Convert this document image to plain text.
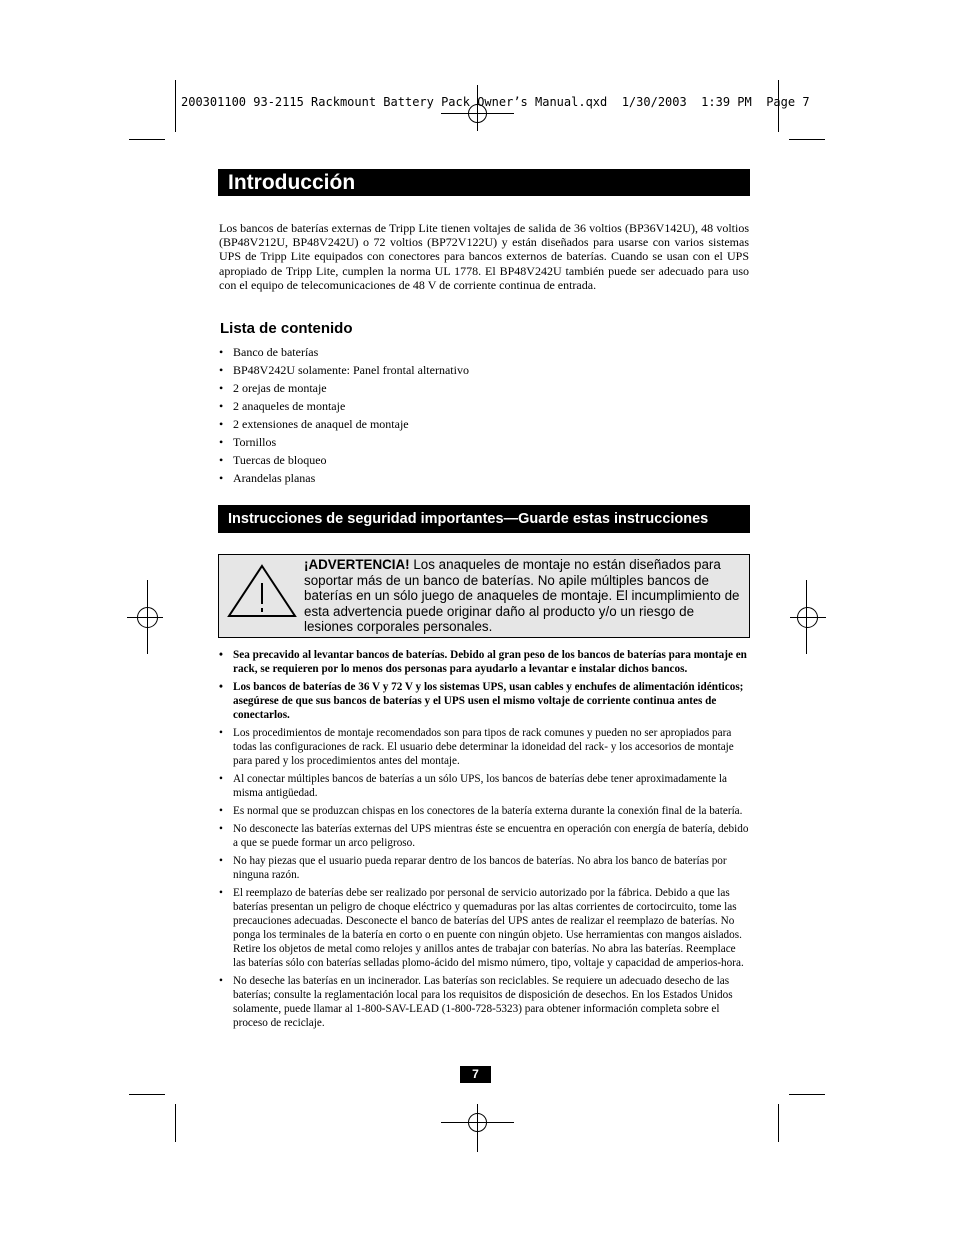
200301100 93-2115 Rackmount Battery Pack Owner’s Manual.qxd  1/30/2003  1:39 PM  Page 7
Introducción
Los bancos de baterías externas de Tripp Lite tienen voltajes de salida de 36 voltios (BP36V142U), 48 voltios (BP48V212U, BP48V242U) o 72 voltios (BP72V122U) y están diseñados para usarse con varios sistemas UPS de Tripp Lite equipados con conectores para bancos externos de baterías. Cuando se usan con el UPS apropiado de Tripp Lite, cumplen la norma UL 1778. El BP48V242U también puede ser adecuado para uso con el equipo de telecomunicaciones de 48 V de corriente continua de entrada.
Lista de contenido
• Banco de baterías
• BP48V242U solamente: Panel frontal alternativo
• 2 orejas de montaje
• 2 anaqueles de montaje
• 2 extensiones de anaquel de montaje
• Tornillos
• Tuercas de bloqueo
• Arandelas planas
Instrucciones de seguridad importantes—Guarde estas instrucciones
¡ADVERTENCIA! Los anaqueles de montaje no están diseñados para soportar más de un banco de baterías. No apile múltiples bancos de baterías en un sólo juego de anaqueles de montaje. El incumplimiento de esta advertencia puede originar daño al producto y/o un riesgo de lesiones corporales personales.
• Sea precavido al levantar bancos de baterías. Debido al gran peso de los bancos de baterías para montaje en rack, se requieren por lo menos dos personas para ayudarlo a levantar e instalar dichos bancos.
• Los bancos de baterías de 36 V y 72 V y los sistemas UPS, usan cables y enchufes de alimentación idénticos; asegúrese de que sus bancos de baterías y el UPS usen el mismo voltaje de corriente continua antes de conectarlos.
• Los procedimientos de montaje recomendados son para tipos de rack comunes y pueden no ser apropiados para todas las configuraciones de rack. El usuario debe determinar la idoneidad del rack- y los accesorios de montaje para pared y los procedimientos antes del montaje.
• Al conectar múltiples bancos de baterías a un sólo UPS, los bancos de baterías debe tener aproximadamente la misma antigüedad.
• Es normal que se produzcan chispas en los conectores de la batería externa durante la conexión final de la batería.
• No desconecte las baterías externas del UPS mientras éste se encuentra en operación con energía de batería, debido a que se puede formar un arco peligroso.
• No hay piezas que el usuario pueda reparar dentro de los bancos de baterías. No abra los banco de baterías por ninguna razón.
• El reemplazo de baterías debe ser realizado por personal de servicio autorizado por la fábrica. Debido a que las baterías presentan un peligro de choque eléctrico y quemaduras por las altas corrientes de cortocircuito, tome las precauciones adecuadas. Desconecte el banco de baterías del UPS antes de realizar el reemplazo de baterías. No ponga los terminales de la batería en corto o en puente con ningún objeto. Use herramientas con mangos aislados. Retire los objetos de metal como relojes y anillos antes de trabajar con baterías. No abra las baterías. Reemplace las baterías sólo con baterías selladas plomo-ácido del mismo número, tipo, voltaje y capacidad de amperios-hora.
• No deseche las baterías en un incinerador. Las baterías son reciclables. Se requiere un adecuado desecho de las baterías; consulte la reglamentación local para los requisitos de disposición de desechos. En los Estados Unidos solamente, puede llamar al 1-800-SAV-LEAD (1-800-728-5323) para obtener información completa sobre el proceso de reciclaje.
7
